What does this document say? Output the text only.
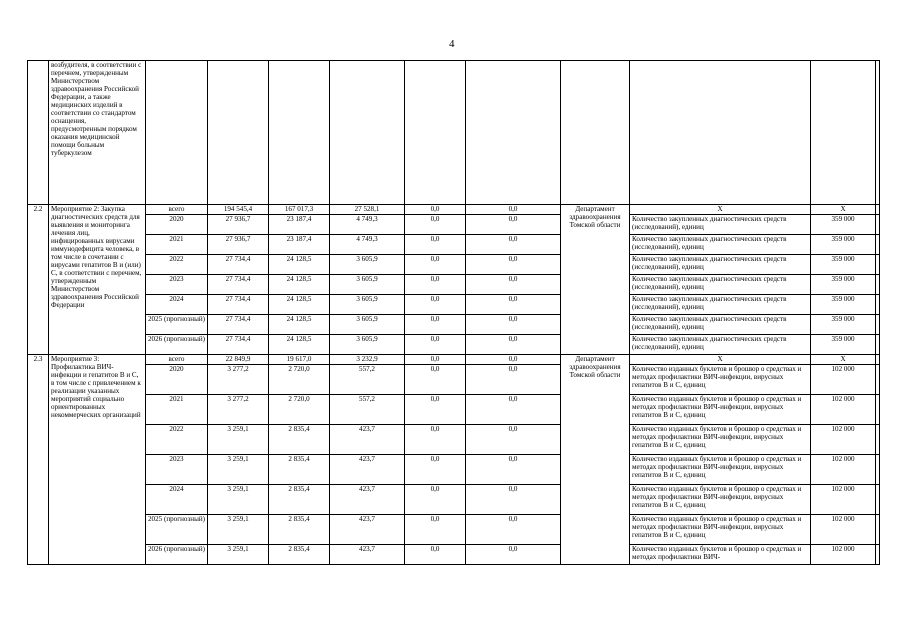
4
	возбудителя, в соответствии с перечнем, утвержденным Министерством здравоохранения Российской Федерации, а также медицинских изделий в соответствии со стандартом оснащения, предусмотренным порядком оказания медицинской помощи больным туберкулезом										
2.2	Мероприятие 2: Закупка диагностических средств для выявления и мониторинга лечения лиц, инфицированных вирусами иммунодефицита человека, в том числе в сочетании с вирусами гепатитов B и (или) C, в соответствии с перечнем, утвержденным Министерством здравоохранения Российской Федерации	всего	194 545,4	167 017,3	27 528,1	0,0	0,0	Департамент здравоохранения Томской области	X	X	
		2020	27 936,7	23 187,4	4 749,3	0,0	0,0		Количество закупленных диагностических средств (исследований), единиц	359 000	
		2021	27 936,7	23 187,4	4 749,3	0,0	0,0		Количество закупленных диагностических средств (исследований), единиц	359 000	
		2022	27 734,4	24 128,5	3 605,9	0,0	0,0		Количество закупленных диагностических средств (исследований), единиц	359 000	
		2023	27 734,4	24 128,5	3 605,9	0,0	0,0		Количество закупленных диагностических средств (исследований), единиц	359 000	
		2024	27 734,4	24 128,5	3 605,9	0,0	0,0		Количество закупленных диагностических средств (исследований), единиц	359 000	
		2025 (прогнозный)	27 734,4	24 128,5	3 605,9	0,0	0,0		Количество закупленных диагностических средств (исследований), единиц	359 000	
		2026 (прогнозный)	27 734,4	24 128,5	3 605,9	0,0	0,0		Количество закупленных диагностических средств (исследований), единиц	359 000	
2.3	Мероприятие 3: Профилактика ВИЧ-инфекции и гепатитов B и C, в том числе с привлечением к реализации указанных мероприятий социально ориентированных некоммерческих организаций	всего	22 849,9	19 617,0	3 232,9	0,0	0,0	Департамент здравоохранения Томской области	X	X	
		2020	3 277,2	2 720,0	557,2	0,0	0,0		Количество изданных буклетов и брошюр о средствах и методах профилактики ВИЧ-инфекции, вирусных гепатитов B и C, единиц	102 000	
		2021	3 277,2	2 720,0	557,2	0,0	0,0		Количество изданных буклетов и брошюр о средствах и методах профилактики ВИЧ-инфекции, вирусных гепатитов B и C, единиц	102 000	
		2022	3 259,1	2 835,4	423,7	0,0	0,0		Количество изданных буклетов и брошюр о средствах и методах профилактики ВИЧ-инфекции, вирусных гепатитов B и C, единиц	102 000	
		2023	3 259,1	2 835,4	423,7	0,0	0,0		Количество изданных буклетов и брошюр о средствах и методах профилактики ВИЧ-инфекции, вирусных гепатитов B и C, единиц	102 000	
		2024	3 259,1	2 835,4	423,7	0,0	0,0		Количество изданных буклетов и брошюр о средствах и методах профилактики ВИЧ-инфекции, вирусных гепатитов B и C, единиц	102 000	
		2025 (прогнозный)	3 259,1	2 835,4	423,7	0,0	0,0		Количество изданных буклетов и брошюр о средствах и методах профилактики ВИЧ-инфекции, вирусных гепатитов B и C, единиц	102 000	
		2026 (прогнозный)	3 259,1	2 835,4	423,7	0,0	0,0		Количество изданных буклетов и брошюр о средствах и методах профилактики ВИЧ-	102 000	
